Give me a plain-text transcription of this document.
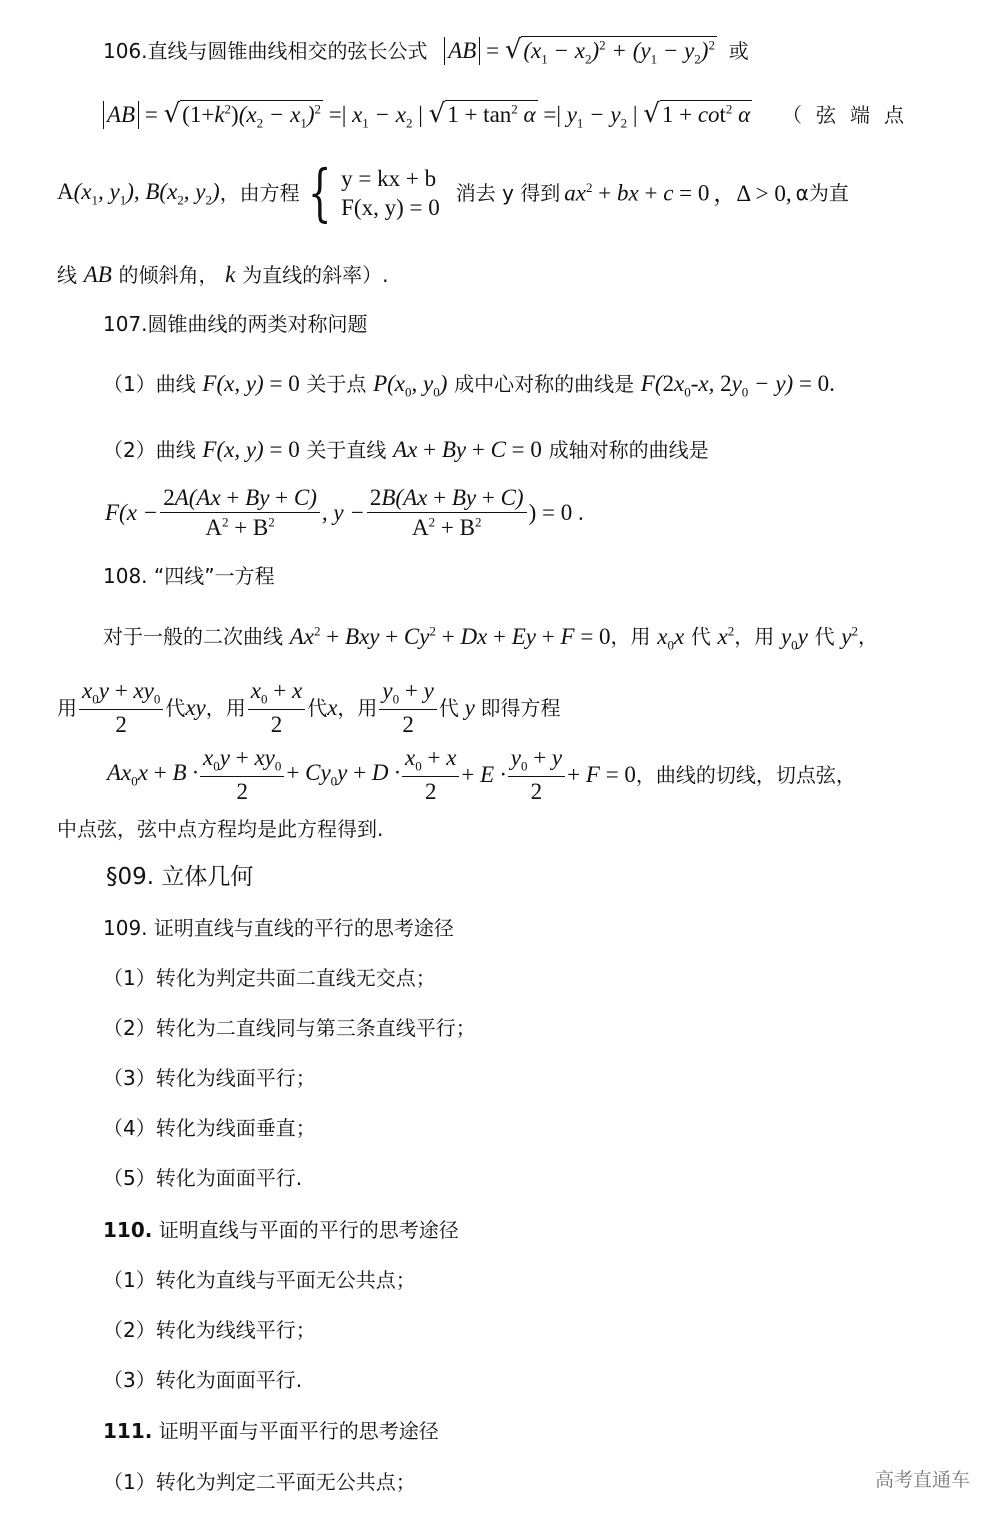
106.直线与圆锥曲线相交的弦长公式 AB = $√(x_1 - x_2)^2 + (y_1 - y_2)^2$ 或
AB = $√(1+k^2)(x_2 - x_1)^2$ =| $x_1 - x_2$ | $√1 + \tan^2 \alpha$ =| $y_1 - y_2$ | $√1 + \cot^2 \alpha$ （弦端点
$A(x_1$, $y_1$), $B(x_2$, $y_2$) ，由方程 { y = kx + b
F(x, y) = 0
消去 y 得到 $ax^2$ + bx + c = 0 ，Δ > 0, α为直
线 AB 的倾斜角， k 为直线的斜率）.
107.圆锥曲线的两类对称问题
（1）曲线 F(x, y) = 0 关于点 $P(x_0$, $y_0$) 成中心对称的曲线是 $F(2x_0-x$, $2y_0 - y) = 0$.
（2）曲线 F(x, y) = 0 关于直线 Ax + By + C = 0 成轴对称的曲线是
$F(x - \frac{2A(Ax + By + C)}{A^2 + B^2}$ , $y - \frac{2B(Ax + By + C)}{A^2 + B^2}$ ) = 0 .
108. “四线”一方程
对于一般的二次曲线 $Ax^2$ + Bxy + $Cy^2 + Dx + Ey + F = 0$，用 $x_0x$ 代 $x^2$，用 $y_0y$ 代 $y^2$，
用 $\frac{x_0y + xy_0}{2}$ 代 xy ，用 $\frac{x_0 + x}{2}$ 代 x ，用 $\frac{y_0 + y}{2}$ 代 y 即得方程
$Ax_0x + B \cdot \frac{x_0y + xy_0}{2} + Cy_0y + D \cdot \frac{x_0 + x}{2} + E \cdot \frac{y_0 + y}{2} + F = 0$ ，曲线的切线，切点弦，
中点弦，弦中点方程均是此方程得到.
§09. 立体几何
109. 证明直线与直线的平行的思考途径
（1）转化为判定共面二直线无交点；
（2）转化为二直线同与第三条直线平行；
（3）转化为线面平行；
（4）转化为线面垂直；
（5）转化为面面平行.
110. 证明直线与平面的平行的思考途径
（1）转化为直线与平面无公共点；
（2）转化为线线平行；
（3）转化为面面平行.
111. 证明平面与平面平行的思考途径
（1）转化为判定二平面无公共点；	高考直通车
